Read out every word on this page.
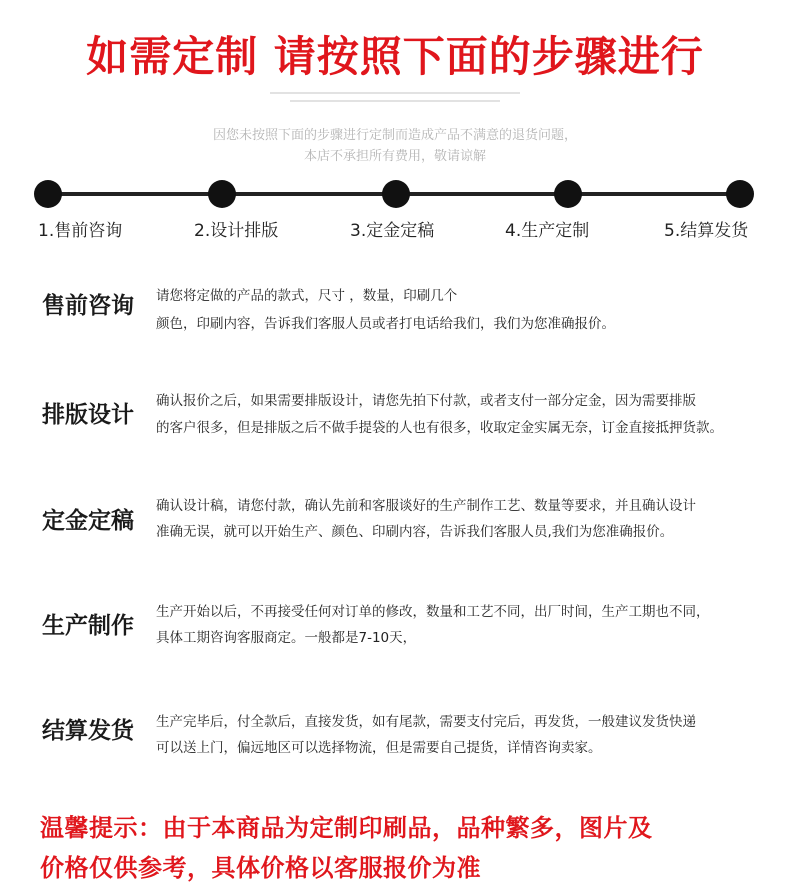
如需定制 请按照下面的步骤进行
因您未按照下面的步骤进行定制而造成产品不满意的退货问题，
本店不承担所有费用，敬请谅解
1.售前咨询	2.设计排版	3.定金定稿	4.生产定制	5.结算发货
售前咨询 请您将定做的产品的款式，尺寸 ，数量，印刷几个
颜色，印刷内容，告诉我们客服人员或者打电话给我们，我们为您准确报价。
排版设计
确认报价之后，如果需要排版设计，请您先拍下付款，或者支付一部分定金，因为需要排版
的客户很多，但是排版之后不做手提袋的人也有很多，收取定金实属无奈，订金直接抵押货款。
定金定稿
确认设计稿，请您付款，确认先前和客服谈好的生产制作工艺、数量等要求，并且确认设计
准确无误，就可以开始生产、颜色、印刷内容，告诉我们客服人员,我们为您准确报价。
生产制作
生产开始以后，不再接受任何对订单的修改，数量和工艺不同，出厂时间，生产工期也不同，
具体工期咨询客服商定。一般都是7-10天，
结算发货 生产完毕后，付全款后，直接发货，如有尾款，需要支付完后，再发货，一般建议发货快递
可以送上门，偏远地区可以选择物流，但是需要自己提货，详情咨询卖家。
温馨提示：由于本商品为定制印刷品，品种繁多，图片及
价格仅供参考，具体价格以客服报价为准
